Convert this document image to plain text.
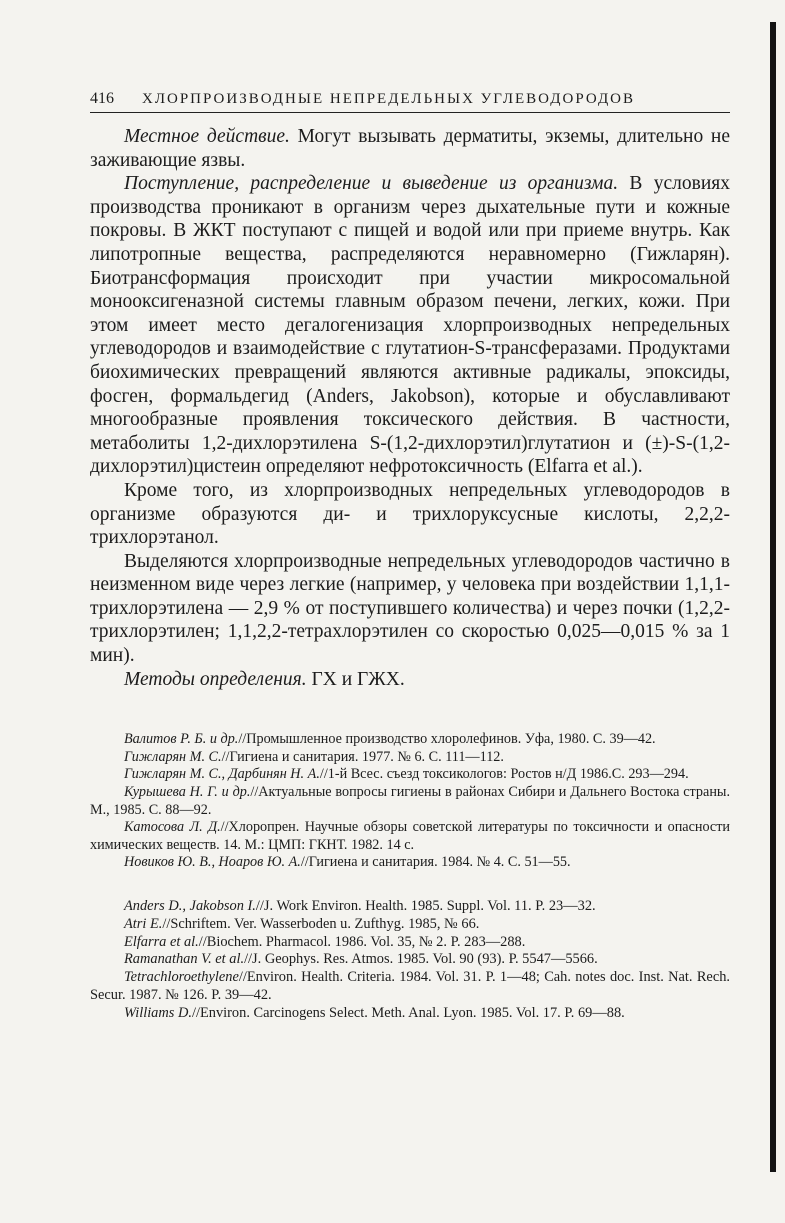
416 ХЛОРПРОИЗВОДНЫЕ НЕПРЕДЕЛЬНЫХ УГЛЕВОДОРОДОВ

Местное действие. Могут вызывать дерматиты, экземы, длительно не заживающие язвы.

Поступление, распределение и выведение из организма. В условиях производства проникают в организм через дыхательные пути и кожные покровы. В ЖКТ поступают с пищей и водой или при приеме внутрь. Как липотропные вещества, распределяются неравномерно (Гижларян). Биотрансформация происходит при участии микросомальной монооксигеназной системы главным образом печени, легких, кожи. При этом имеет место дегалогенизация хлорпроизводных непредельных углеводородов и взаимодействие с глутатион-S-трансферазами. Продуктами биохимических превращений являются активные радикалы, эпоксиды, фосген, формальдегид (Anders, Jakobson), которые и обуславливают многообразные проявления токсического действия. В частности, метаболиты 1,2-дихлорэтилена S-(1,2-дихлорэтил)глутатион и (±)-S-(1,2-дихлорэтил)цистеин определяют нефротоксичность (Elfarra et al.).

Кроме того, из хлорпроизводных непредельных углеводородов в организме образуются ди- и трихлоруксусные кислоты, 2,2,2-трихлорэтанол.

Выделяются хлорпроизводные непредельных углеводородов частично в неизменном виде через легкие (например, у человека при воздействии 1,1,1-трихлорэтилена — 2,9 % от поступившего количества) и через почки (1,2,2-трихлорэтилен; 1,1,2,2-тетрахлорэтилен со скоростью 0,025—0,015 % за 1 мин).

Методы определения. ГХ и ГЖХ.

Валитов Р. Б. и др.//Промышленное производство хлоролефинов. Уфа, 1980. С. 39—42.

Гижларян М. С.//Гигиена и санитария. 1977. № 6. С. 111—112.

Гижларян М. С., Дарбинян Н. А.//1-й Всес. съезд токсикологов: Ростов н/Д 1986.С. 293—294.

Курышева Н. Г. и др.//Актуальные вопросы гигиены в районах Сибири и Дальнего Востока страны. М., 1985. С. 88—92.

Катосова Л. Д.//Хлоропрен. Научные обзоры советской литературы по токсичности и опасности химических веществ. 14. М.: ЦМП: ГКНТ. 1982. 14 с.

Новиков Ю. В., Ноаров Ю. А.//Гигиена и санитария. 1984. № 4. С. 51—55.

Anders D., Jakobson I.//J. Work Environ. Health. 1985. Suppl. Vol. 11. P. 23—32.

Atri E.//Schriftem. Ver. Wasserboden u. Zufthyg. 1985, № 66.

Elfarra et al.//Biochem. Pharmacol. 1986. Vol. 35, № 2. P. 283—288.

Ramanathan V. et al.//J. Geophys. Res. Atmos. 1985. Vol. 90 (93). P. 5547—5566.

Tetrachloroethylene//Environ. Health. Criteria. 1984. Vol. 31. P. 1—48; Cah. notes doc. Inst. Nat. Rech. Secur. 1987. № 126. P. 39—42.

Williams D.//Environ. Carcinogens Select. Meth. Anal. Lyon. 1985. Vol. 17. P. 69—88.
